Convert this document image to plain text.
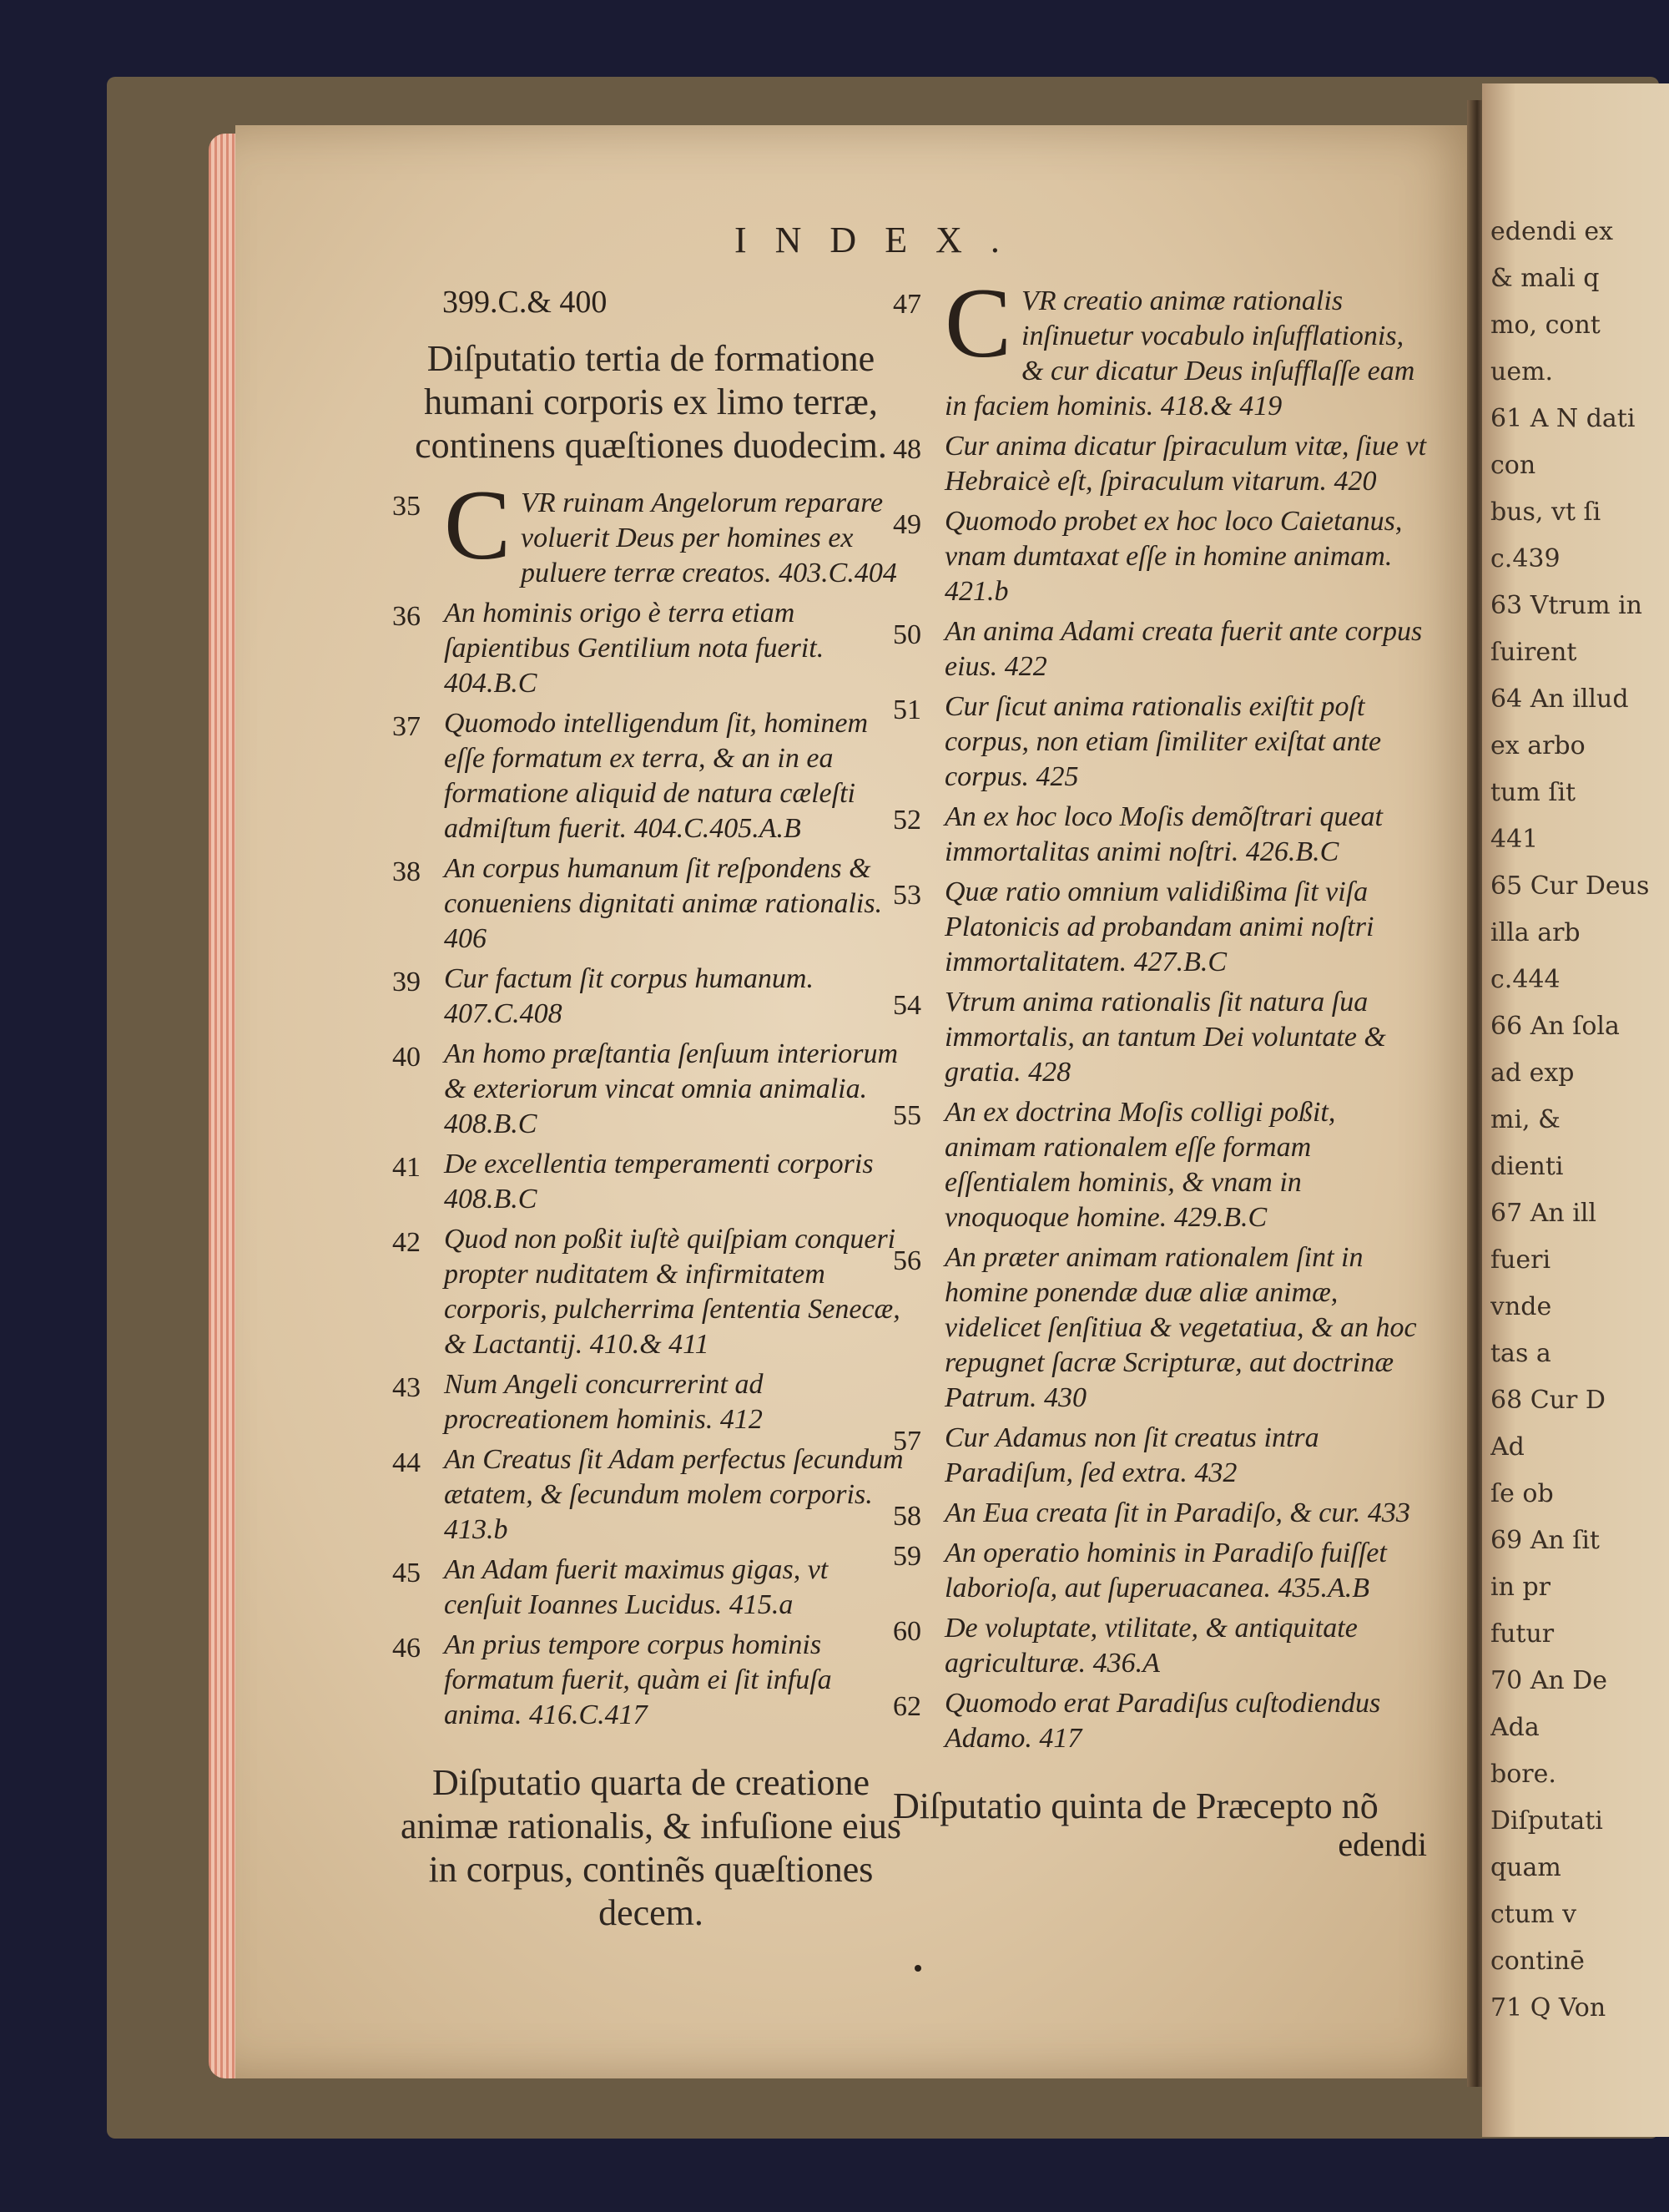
edendi ex
& mali q
mo, cont
uem.
61 A N dati
con
bus, vt ſi
c.439
63 Vtrum in
ſuirent
64 An illud
ex arbo
tum ſit
441
65 Cur Deus
illa arb
c.444
66 An ſola
ad exp
mi, &
dienti
67 An ill
fueri
vnde
tas a
68 Cur D
Ad
ſe ob
69 An ſit
in pr
futur
70 An De
Ada
bore.
Diſputati
quam
ctum v
continē
71 Q Von
INDEX.
399.C.& 400
Diſputatio tertia de formatione humani corporis ex limo terræ, continens quæſtiones duodecim.
35 CVR ruinam Angelorum reparare voluerit Deus per homines ex puluere terræ creatos. 403.C.404
36 An hominis origo è terra etiam ſapientibus Gentilium nota fuerit. 404.B.C
37 Quomodo intelligendum ſit, hominem eſſe formatum ex terra, & an in ea formatione aliquid de natura cæleſti admiſtum fuerit. 404.C.405.A.B
38 An corpus humanum ſit reſpondens & conueniens dignitati animæ rationalis. 406
39 Cur factum ſit corpus humanum. 407.C.408
40 An homo præſtantia ſenſuum interiorum & exteriorum vincat omnia animalia. 408.B.C
41 De excellentia temperamenti corporis 408.B.C
42 Quod non poßit iuſtè quiſpiam conqueri propter nuditatem & infirmitatem corporis, pulcherrima ſententia Senecæ, & Lactantij. 410.& 411
43 Num Angeli concurrerint ad procreationem hominis. 412
44 An Creatus ſit Adam perfectus ſecundum ætatem, & ſecundum molem corporis. 413.b
45 An Adam fuerit maximus gigas, vt cenſuit Ioannes Lucidus. 415.a
46 An prius tempore corpus hominis formatum fuerit, quàm ei ſit infuſa anima. 416.C.417
Diſputatio quarta de creatione animæ rationalis, & infuſione eius in corpus, continẽs quæſtiones decem.
47 CVR creatio animæ rationalis inſinuetur vocabulo inſufflationis, & cur dicatur Deus inſufflaſſe eam in faciem hominis. 418.& 419
48 Cur anima dicatur ſpiraculum vitæ, ſiue vt Hebraicè eſt, ſpiraculum vitarum. 420
49 Quomodo probet ex hoc loco Caietanus, vnam dumtaxat eſſe in homine animam. 421.b
50 An anima Adami creata fuerit ante corpus eius. 422
51 Cur ſicut anima rationalis exiſtit poſt corpus, non etiam ſimiliter exiſtat ante corpus. 425
52 An ex hoc loco Moſis demõſtrari queat immortalitas animi noſtri. 426.B.C
53 Quæ ratio omnium validißima ſit viſa Platonicis ad probandam animi noſtri immortalitatem. 427.B.C
54 Vtrum anima rationalis ſit natura ſua immortalis, an tantum Dei voluntate & gratia. 428
55 An ex doctrina Moſis colligi poßit, animam rationalem eſſe formam eſſentialem hominis, & vnam in vnoquoque homine. 429.B.C
56 An præter animam rationalem ſint in homine ponendæ duæ aliæ animæ, videlicet ſenſitiua & vegetatiua, & an hoc repugnet ſacræ Scripturæ, aut doctrinæ Patrum. 430
57 Cur Adamus non ſit creatus intra Paradiſum, ſed extra. 432
58 An Eua creata ſit in Paradiſo, & cur. 433
59 An operatio hominis in Paradiſo fuiſſet laborioſa, aut ſuperuacanea. 435.A.B
60 De voluptate, vtilitate, & antiquitate agriculturæ. 436.A
62 Quomodo erat Paradiſus cuſtodiendus Adamo. 417
Diſputatio quinta de Præcepto nõ
edendi
